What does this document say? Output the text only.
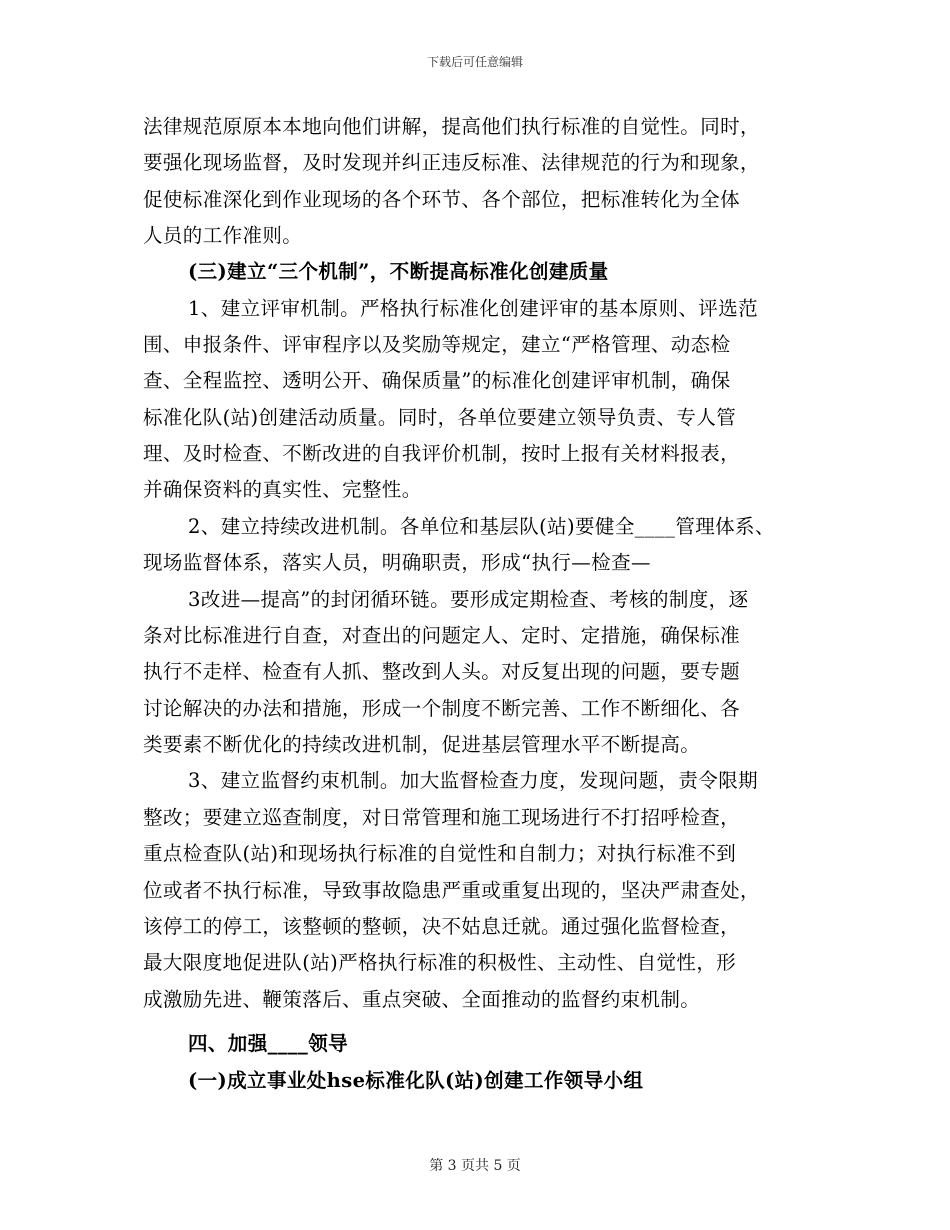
下载后可任意编辑
法律规范原原本本地向他们讲解，提高他们执行标准的自觉性。同时，
要强化现场监督，及时发现并纠正违反标准、法律规范的行为和现象，
促使标准深化到作业现场的各个环节、各个部位，把标准转化为全体
人员的工作准则。
(三)建立“三个机制”，不断提高标准化创建质量
1、建立评审机制。严格执行标准化创建评审的基本原则、评选范
围、申报条件、评审程序以及奖励等规定，建立“严格管理、动态检
查、全程监控、透明公开、确保质量”的标准化创建评审机制，确保
标准化队(站)创建活动质量。同时，各单位要建立领导负责、专人管
理、及时检查、不断改进的自我评价机制，按时上报有关材料报表，
并确保资料的真实性、完整性。
2、建立持续改进机制。各单位和基层队(站)要健全____管理体系、
现场监督体系，落实人员，明确职责，形成“执行—检查—
3改进—提高”的封闭循环链。要形成定期检查、考核的制度，逐
条对比标准进行自查，对查出的问题定人、定时、定措施，确保标准
执行不走样、检查有人抓、整改到人头。对反复出现的问题，要专题
讨论解决的办法和措施，形成一个制度不断完善、工作不断细化、各
类要素不断优化的持续改进机制，促进基层管理水平不断提高。
3、建立监督约束机制。加大监督检查力度，发现问题，责令限期
整改；要建立巡查制度，对日常管理和施工现场进行不打招呼检查，
重点检查队(站)和现场执行标准的自觉性和自制力；对执行标准不到
位或者不执行标准，导致事故隐患严重或重复出现的，坚决严肃查处，
该停工的停工，该整顿的整顿，决不姑息迁就。通过强化监督检查，
最大限度地促进队(站)严格执行标准的积极性、主动性、自觉性，形
成激励先进、鞭策落后、重点突破、全面推动的监督约束机制。
四、加强____领导
(一)成立事业处hse标准化队(站)创建工作领导小组
第 3 页共 5 页
